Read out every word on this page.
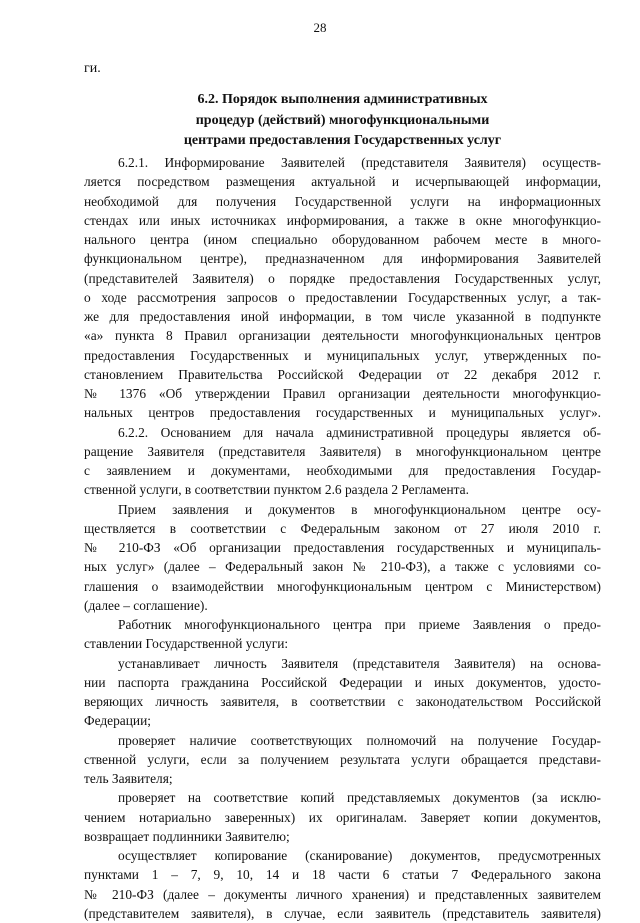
28
ги.
6.2. Порядок выполнения административных
процедур (действий) многофункциональными
центрами предоставления Государственных услуг

6.2.1. Информирование Заявителей (представителя Заявителя) осуществ-
ляется посредством размещения актуальной и исчерпывающей информации,
необходимой для получения Государственной услуги на информационных
стендах или иных источниках информирования, а также в окне многофункцио-
нального центра (ином специально оборудованном рабочем месте в много-
функциональном центре), предназначенном для информирования Заявителей
(представителей Заявителя) о порядке предоставления Государственных услуг,
о ходе рассмотрения запросов о предоставлении Государственных услуг, а так-
же для предоставления иной информации, в том числе указанной в подпункте
«а» пункта 8 Правил организации деятельности многофункциональных центров
предоставления Государственных и муниципальных услуг, утвержденных по-
становлением Правительства Российской Федерации от 22 декабря 2012 г.
№ 1376 «Об утверждении Правил организации деятельности многофункцио-
нальных центров предоставления государственных и муниципальных услуг».

6.2.2. Основанием для начала административной процедуры является об-
ращение Заявителя (представителя Заявителя) в многофункциональном центре
с заявлением и документами, необходимыми для предоставления Государ-
ственной услуги, в соответствии пунктом 2.6 раздела 2 Регламента.

Прием заявления и документов в многофункциональном центре осу-
ществляется в соответствии с Федеральным законом от 27 июля 2010 г.
№ 210-ФЗ «Об организации предоставления государственных и муниципаль-
ных услуг» (далее – Федеральный закон № 210-ФЗ), а также с условиями со-
глашения о взаимодействии многофункциональным центром с Министерством)
(далее – соглашение).

Работник многофункционального центра при приеме Заявления о предо-
ставлении Государственной услуги:

устанавливает личность Заявителя (представителя Заявителя) на основа-
нии паспорта гражданина Российской Федерации и иных документов, удосто-
веряющих личность заявителя, в соответствии с законодательством Российской
Федерации;

проверяет наличие соответствующих полномочий на получение Государ-
ственной услуги, если за получением результата услуги обращается представи-
тель Заявителя;

проверяет на соответствие копий представляемых документов (за исклю-
чением нотариально заверенных) их оригиналам. Заверяет копии документов,
возвращает подлинники Заявителю;

осуществляет копирование (сканирование) документов, предусмотренных
пунктами 1 – 7, 9, 10, 14 и 18 части 6 статьи 7 Федерального закона
№ 210-ФЗ (далее – документы личного хранения) и представленных заявителем
(представителем заявителя), в случае, если заявитель (представитель заявителя)
